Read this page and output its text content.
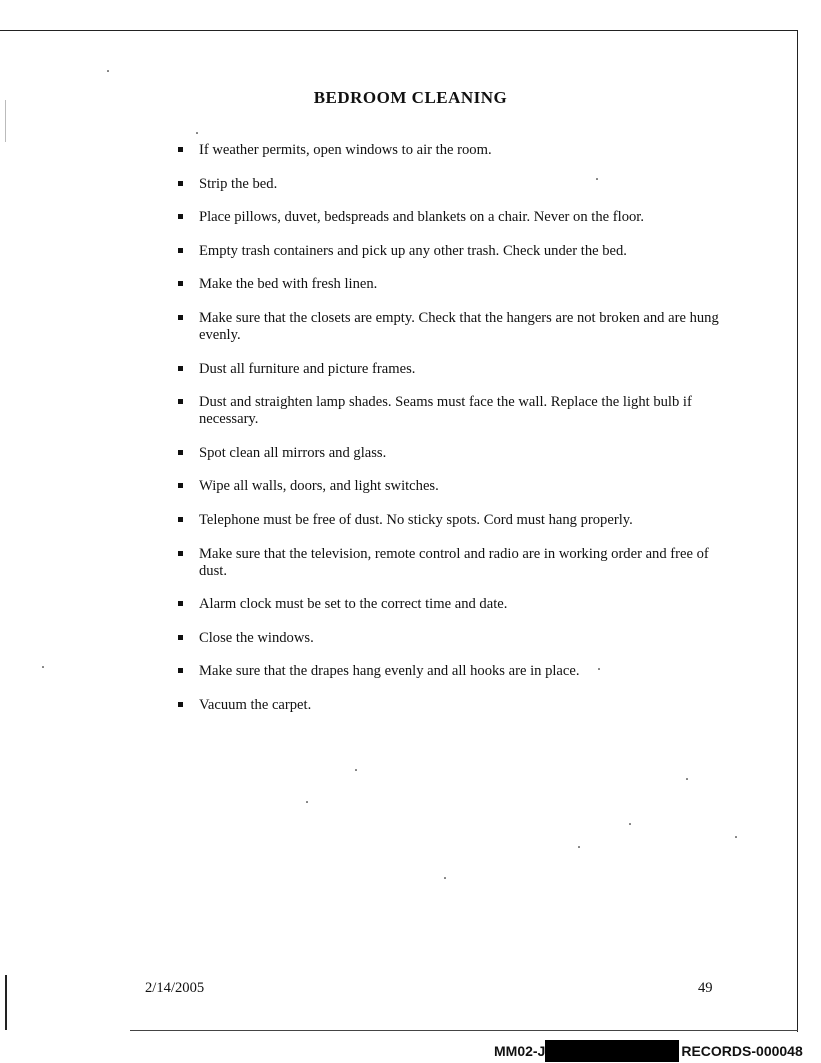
BEDROOM CLEANING
If weather permits, open windows to air the room.
Strip the bed.
Place pillows, duvet, bedspreads and blankets on a chair. Never on the floor.
Empty trash containers and pick up any other trash. Check under the bed.
Make the bed with fresh linen.
Make sure that the closets are empty. Check that the hangers are not broken and are hung evenly.
Dust all furniture and picture frames.
Dust and straighten lamp shades. Seams must face the wall. Replace the light bulb if necessary.
Spot clean all mirrors and glass.
Wipe all walls, doors, and light switches.
Telephone must be free of dust. No sticky spots. Cord must hang properly.
Make sure that the television, remote control and radio are in working order and free of dust.
Alarm clock must be set to the correct time and date.
Close the windows.
Make sure that the drapes hang evenly and all hooks are in place.
Vacuum the carpet.
2/14/2005	49
MM02-J	RECORDS-000048
